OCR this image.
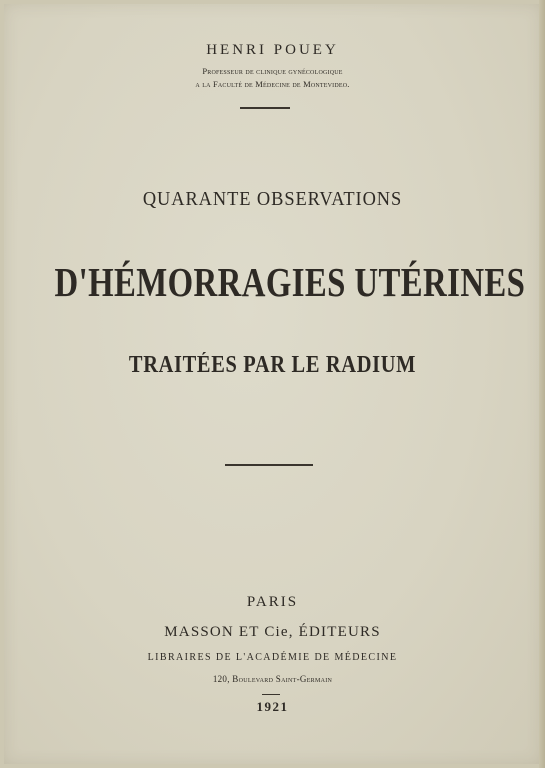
HENRI POUEY
Professeur de clinique gynécologique
a la Faculté de Médecine de Montevideo.
QUARANTE OBSERVATIONS
D'HÉMORRAGIES UTÉRINES
TRAITÉES PAR LE RADIUM
PARIS
MASSON ET Cie, ÉDITEURS
LIBRAIRES DE L'ACADÉMIE DE MÉDECINE
120, Boulevard Saint-Germain
1921
